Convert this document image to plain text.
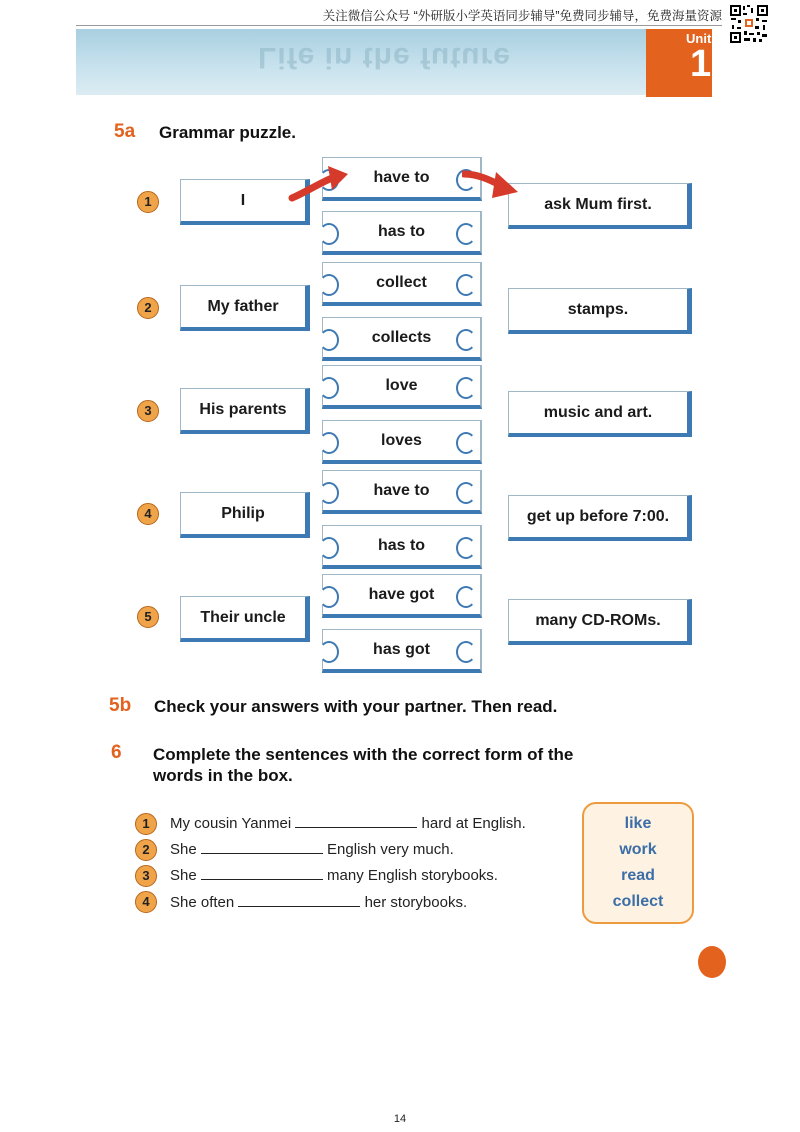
关注微信公众号 “外研版小学英语同步辅导”免费同步辅导，免费海量资源
Life in the future
Unit
1
5a Grammar puzzle.
1	I
have to
has to
ask Mum first.
2	My father
collect
collects
stamps.
3	His parents
love
loves
music and art.
4	Philip
have to
has to
get up before 7:00.
5	Their uncle
have got
has got
many CD-ROMs.
5b Check your answers with your partner. Then read.
6 Complete the sentences with the correct form of the
words in the box.
1	My cousin Yanmei	hard at English.
2	She	English very much.
3	She	many English storybooks.
4	She often	her storybooks.
like
work
read
collect
14
